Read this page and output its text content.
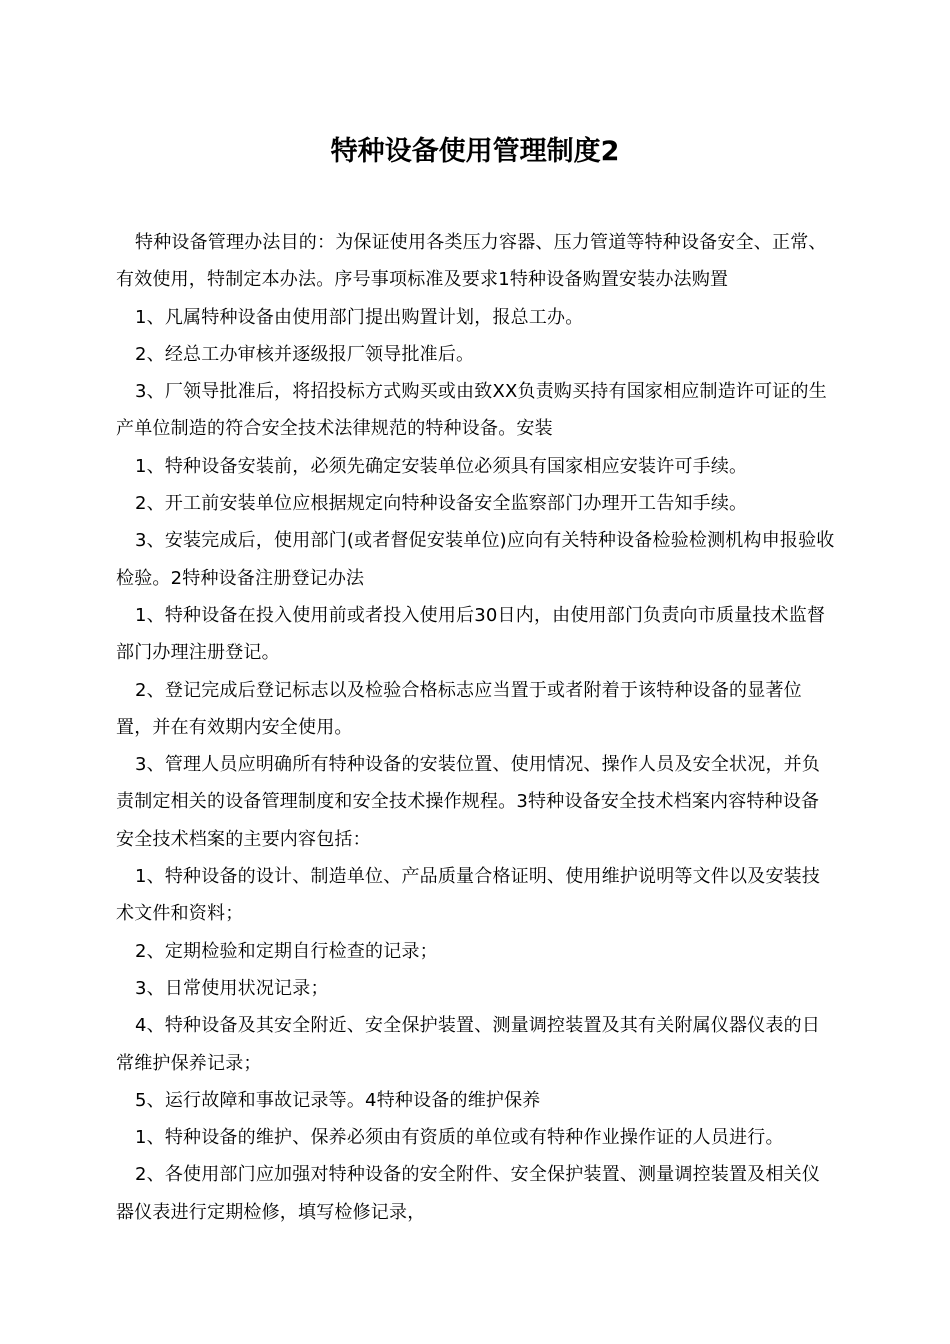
特种设备使用管理制度2

特种设备管理办法目的：为保证使用各类压力容器、压力管道等特种设备安全、正常、有效使用，特制定本办法。序号事项标准及要求1特种设备购置安装办法购置

1、凡属特种设备由使用部门提出购置计划，报总工办。

2、经总工办审核并逐级报厂领导批准后。

3、厂领导批准后，将招投标方式购买或由致XX负责购买持有国家相应制造许可证的生产单位制造的符合安全技术法律规范的特种设备。安装

1、特种设备安装前，必须先确定安装单位必须具有国家相应安装许可手续。

2、开工前安装单位应根据规定向特种设备安全监察部门办理开工告知手续。

3、安装完成后，使用部门(或者督促安装单位)应向有关特种设备检验检测机构申报验收检验。2特种设备注册登记办法

1、特种设备在投入使用前或者投入使用后30日内，由使用部门负责向市质量技术监督部门办理注册登记。

2、登记完成后登记标志以及检验合格标志应当置于或者附着于该特种设备的显著位置，并在有效期内安全使用。

3、管理人员应明确所有特种设备的安装位置、使用情况、操作人员及安全状况，并负责制定相关的设备管理制度和安全技术操作规程。3特种设备安全技术档案内容特种设备安全技术档案的主要内容包括：

1、特种设备的设计、制造单位、产品质量合格证明、使用维护说明等文件以及安装技术文件和资料；

2、定期检验和定期自行检查的记录；

3、日常使用状况记录；

4、特种设备及其安全附近、安全保护装置、测量调控装置及其有关附属仪器仪表的日常维护保养记录；

5、运行故障和事故记录等。4特种设备的维护保养

1、特种设备的维护、保养必须由有资质的单位或有特种作业操作证的人员进行。

2、各使用部门应加强对特种设备的安全附件、安全保护装置、测量调控装置及相关仪器仪表进行定期检修，填写检修记录，
